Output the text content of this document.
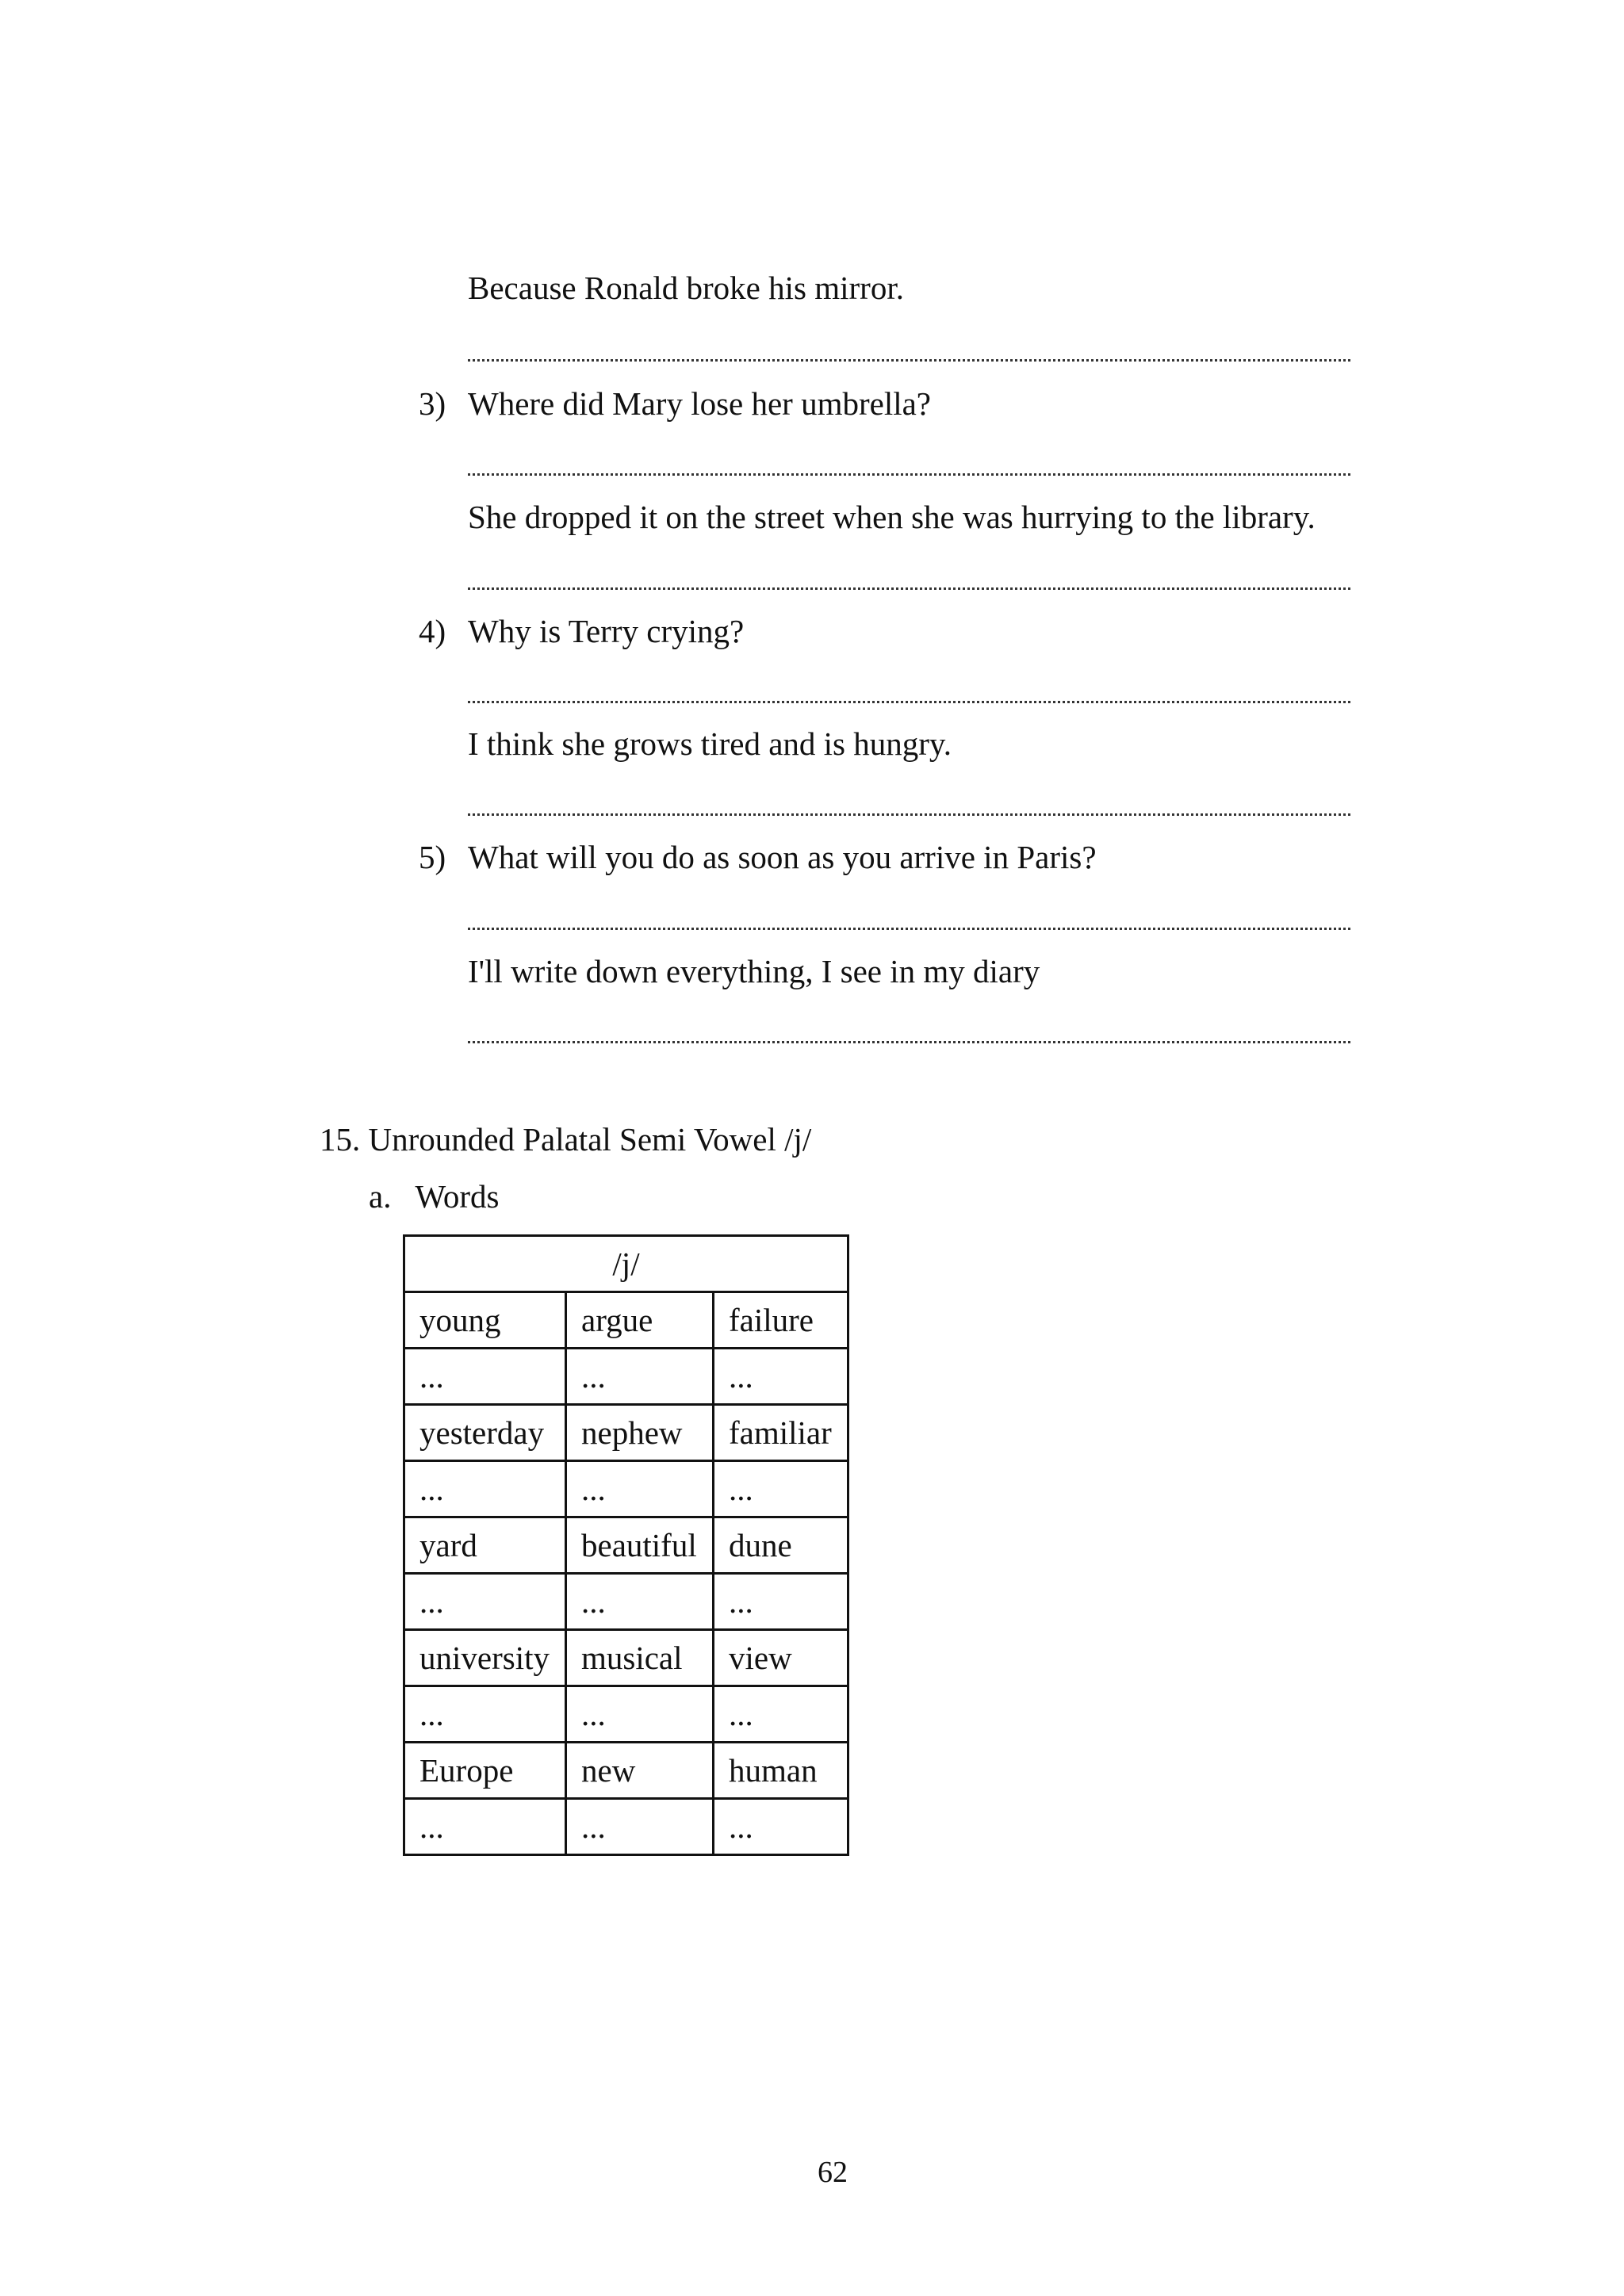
Because Ronald broke his mirror.
3) Where did Mary lose her umbrella?
She dropped it on the street when she was hurrying to the library.
4) Why is Terry crying?
I think she grows tired and is hungry.
5) What will you do as soon as you arrive in Paris?
I'll write down everything, I see in my diary
15. Unrounded Palatal Semi Vowel /j/
a.   Words
/j/		
young	argue	failure
...	...	...
yesterday	nephew	familiar
...	...	...
yard	beautiful	dune
...	...	...
university	musical	view
...	...	...
Europe	new	human
...	...	...
62
